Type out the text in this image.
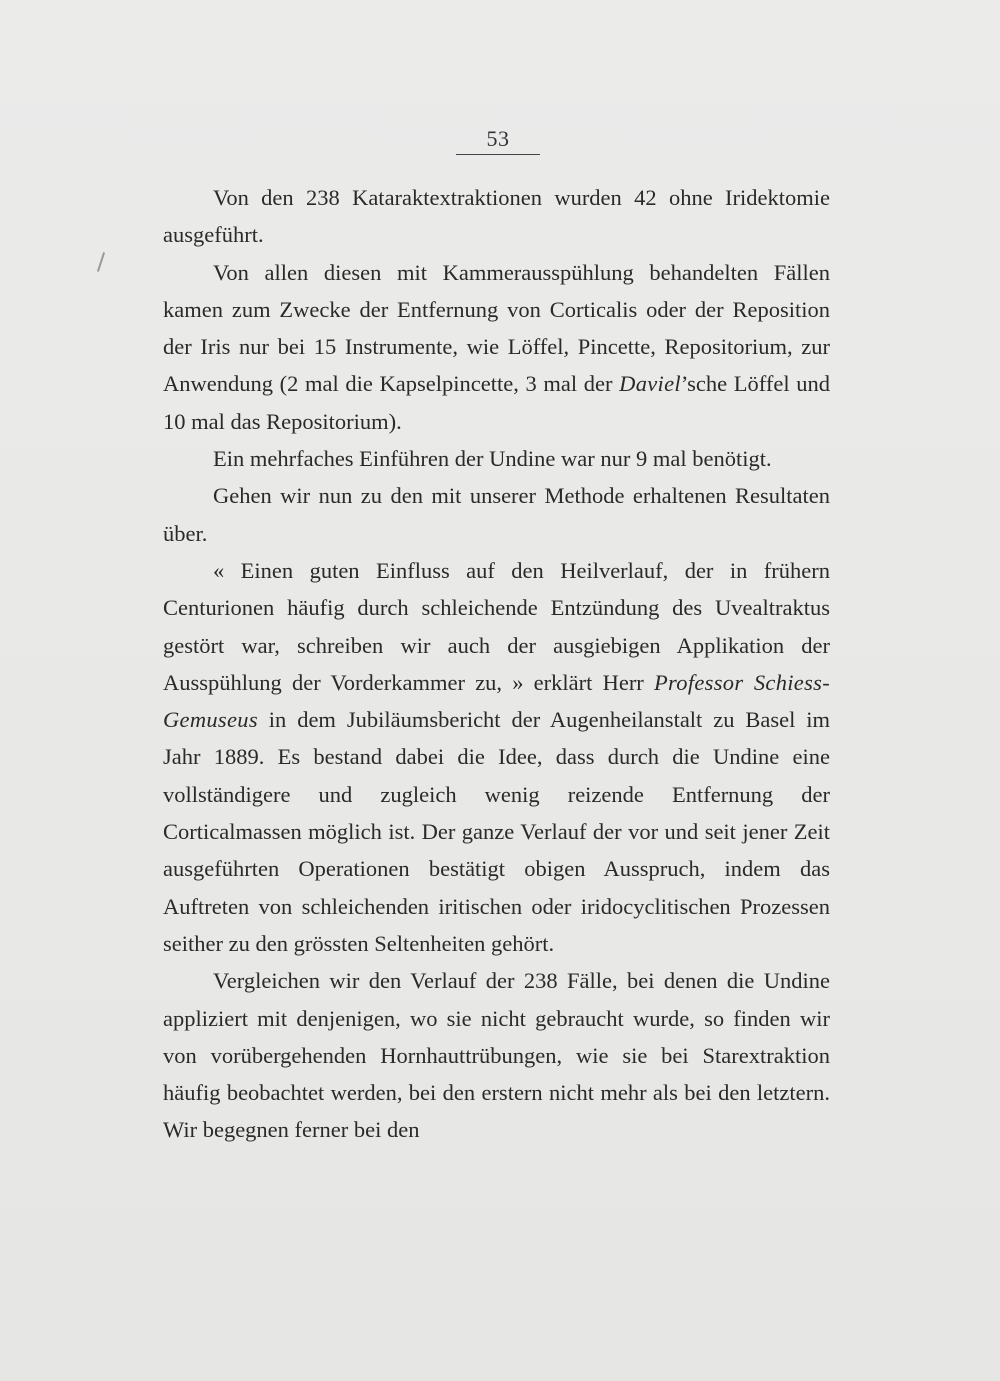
53

Von den 238 Kataraktextraktionen wurden 42 ohne Iridektomie ausgeführt.

Von allen diesen mit Kammerausspühlung behandelten Fällen kamen zum Zwecke der Entfernung von Corticalis oder der Reposition der Iris nur bei 15 Instrumente, wie Löffel, Pincette, Repositorium, zur Anwendung (2 mal die Kapselpincette, 3 mal der Daviel’sche Löffel und 10 mal das Repositorium).

Ein mehrfaches Einführen der Undine war nur 9 mal benötigt.

Gehen wir nun zu den mit unserer Methode erhaltenen Resultaten über.

« Einen guten Einfluss auf den Heilverlauf, der in frühern Centurionen häufig durch schleichende Entzündung des Uvealtraktus gestört war, schreiben wir auch der ausgiebigen Applikation der Ausspühlung der Vorderkammer zu, » erklärt Herr Professor Schiess-Gemuseus in dem Jubiläumsbericht der Augenheilanstalt zu Basel im Jahr 1889. Es bestand dabei die Idee, dass durch die Undine eine vollständigere und zugleich wenig reizende Entfernung der Corticalmassen möglich ist. Der ganze Verlauf der vor und seit jener Zeit ausgeführten Operationen bestätigt obigen Ausspruch, indem das Auftreten von schleichenden iritischen oder iridocyclitischen Prozessen seither zu den grössten Seltenheiten gehört.

Vergleichen wir den Verlauf der 238 Fälle, bei denen die Undine appliziert mit denjenigen, wo sie nicht gebraucht wurde, so finden wir von vorübergehenden Hornhauttrübungen, wie sie bei Starextraktion häufig beobachtet werden, bei den erstern nicht mehr als bei den letztern. Wir begegnen ferner bei den
